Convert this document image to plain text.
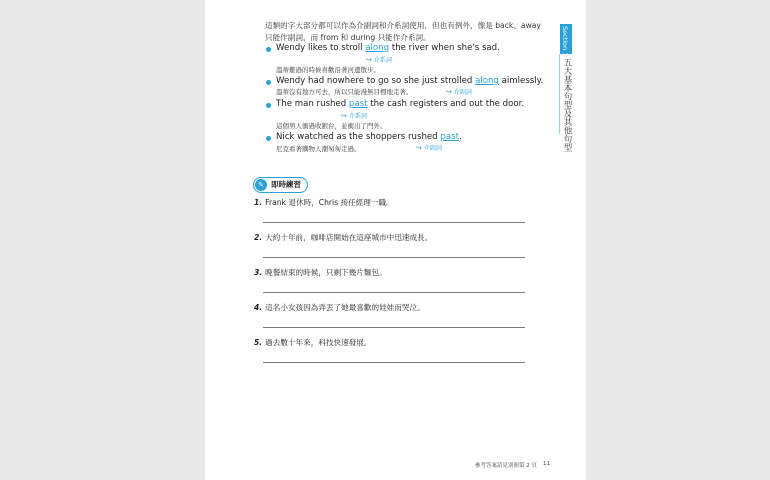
這類的字大部分都可以作為介副詞和介系詞使用，但也有例外，像是 back、away
只能作副詞，而 from 和 during 只能作介系詞。
Wendy likes to stroll along the river when she's sad.
↪ 介系詞
溫蒂難過的時候喜歡沿著河邊散步。
Wendy had nowhere to go so she just strolled along aimlessly.
溫蒂沒有地方可去，所以只能漫無目標地走著。	↪ 介副詞
The man rushed past the cash registers and out the door.
↪ 介系詞
這個男人衝過收銀台，並衝出了門外。
Nick watched as the shoppers rushed past.
尼克看著購物人潮匆匆走過。	↪ 介副詞
Section 1
五大基本句型及其他句型
✎ 即時練習
1. Frank 退休時，Chris 接任經理一職。
2. 大約十年前，咖啡店開始在這座城市中迅速成長。
3. 晚餐結束的時候，只剩下幾片麵包。
4. 這名小女孩因為弄丟了她最喜歡的娃娃而哭泣。
5. 過去數十年來，科技快速發展。
參考答案請見別冊第 2 頁 11
